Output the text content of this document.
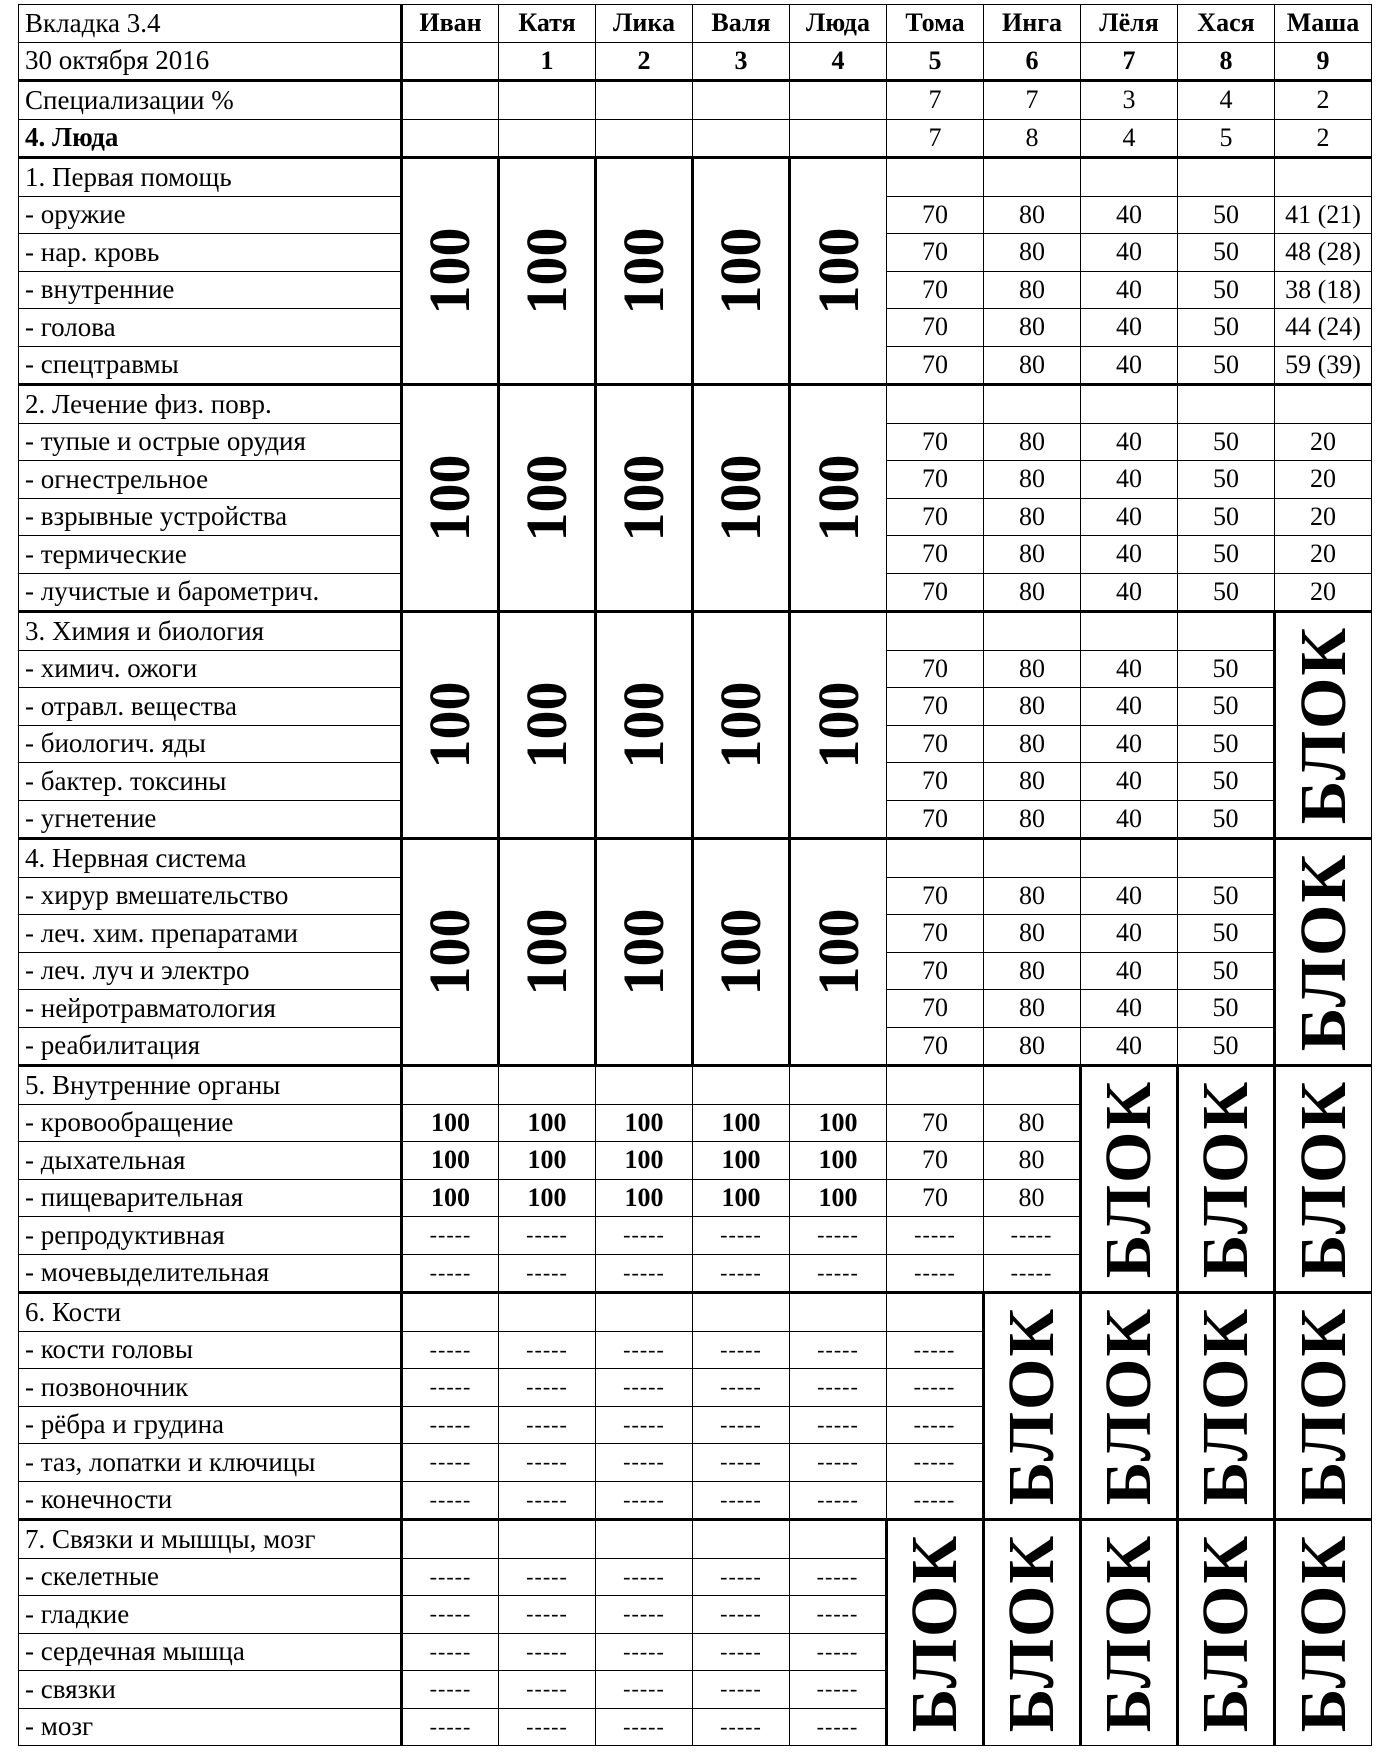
Вкладка 3.4	Иван	Катя	Лика	Валя	Люда	Тома	Инга	Лёля	Хася	Маша
30 октября 2016		1	2	3	4	5	6	7	8	9
Специализации %						7	7	3	4	2
4. Люда						7	8	4	5	2
1. Первая помощь	100	100	100	100	100					

- оружие						70	80	40	50	41 (21)
- нар. кровь						70	80	40	50	48 (28)
- внутренние						70	80	40	50	38 (18)
- голова						70	80	40	50	44 (24)
- спецтравмы						70	80	40	50	59 (39)
2. Лечение физ. повр.	100	100	100	100	100					

- тупые и острые орудия						70	80	40	50	20
- огнестрельное						70	80	40	50	20
- взрывные устройства						70	80	40	50	20
- термические						70	80	40	50	20
- лучистые и барометрич.						70	80	40	50	20
3. Химия и биология	100	100	100	100	100					БЛОК

- химич. ожоги						70	80	40	50	
- отравл. вещества						70	80	40	50	
- биологич. яды						70	80	40	50	
- бактер. токсины						70	80	40	50	
- угнетение						70	80	40	50	
4. Нервная система	100	100	100	100	100					БЛОК

- хирур вмешательство						70	80	40	50	
- леч. хим. препаратами						70	80	40	50	
- леч. луч и электро						70	80	40	50	
- нейротравматология						70	80	40	50	
- реабилитация						70	80	40	50	
5. Внутренние органы								БЛОК	БЛОК	БЛОК

- кровообращение	100	100	100	100	100	70	80			
- дыхательная	100	100	100	100	100	70	80			
- пищеварительная	100	100	100	100	100	70	80			
- репродуктивная	-----	-----	-----	-----	-----	-----	-----			
- мочевыделительная	-----	-----	-----	-----	-----	-----	-----			
6. Кости							БЛОК	БЛОК	БЛОК	БЛОК

- кости головы	-----	-----	-----	-----	-----	-----				
- позвоночник	-----	-----	-----	-----	-----	-----				
- рёбра и грудина	-----	-----	-----	-----	-----	-----				
- таз, лопатки и ключицы	-----	-----	-----	-----	-----	-----				
- конечности	-----	-----	-----	-----	-----	-----				
7. Связки и мышцы, мозг						БЛОК	БЛОК	БЛОК	БЛОК	БЛОК

- скелетные	-----	-----	-----	-----	-----					
- гладкие	-----	-----	-----	-----	-----					
- сердечная мышца	-----	-----	-----	-----	-----					
- связки	-----	-----	-----	-----	-----					
- мозг	-----	-----	-----	-----	-----					
